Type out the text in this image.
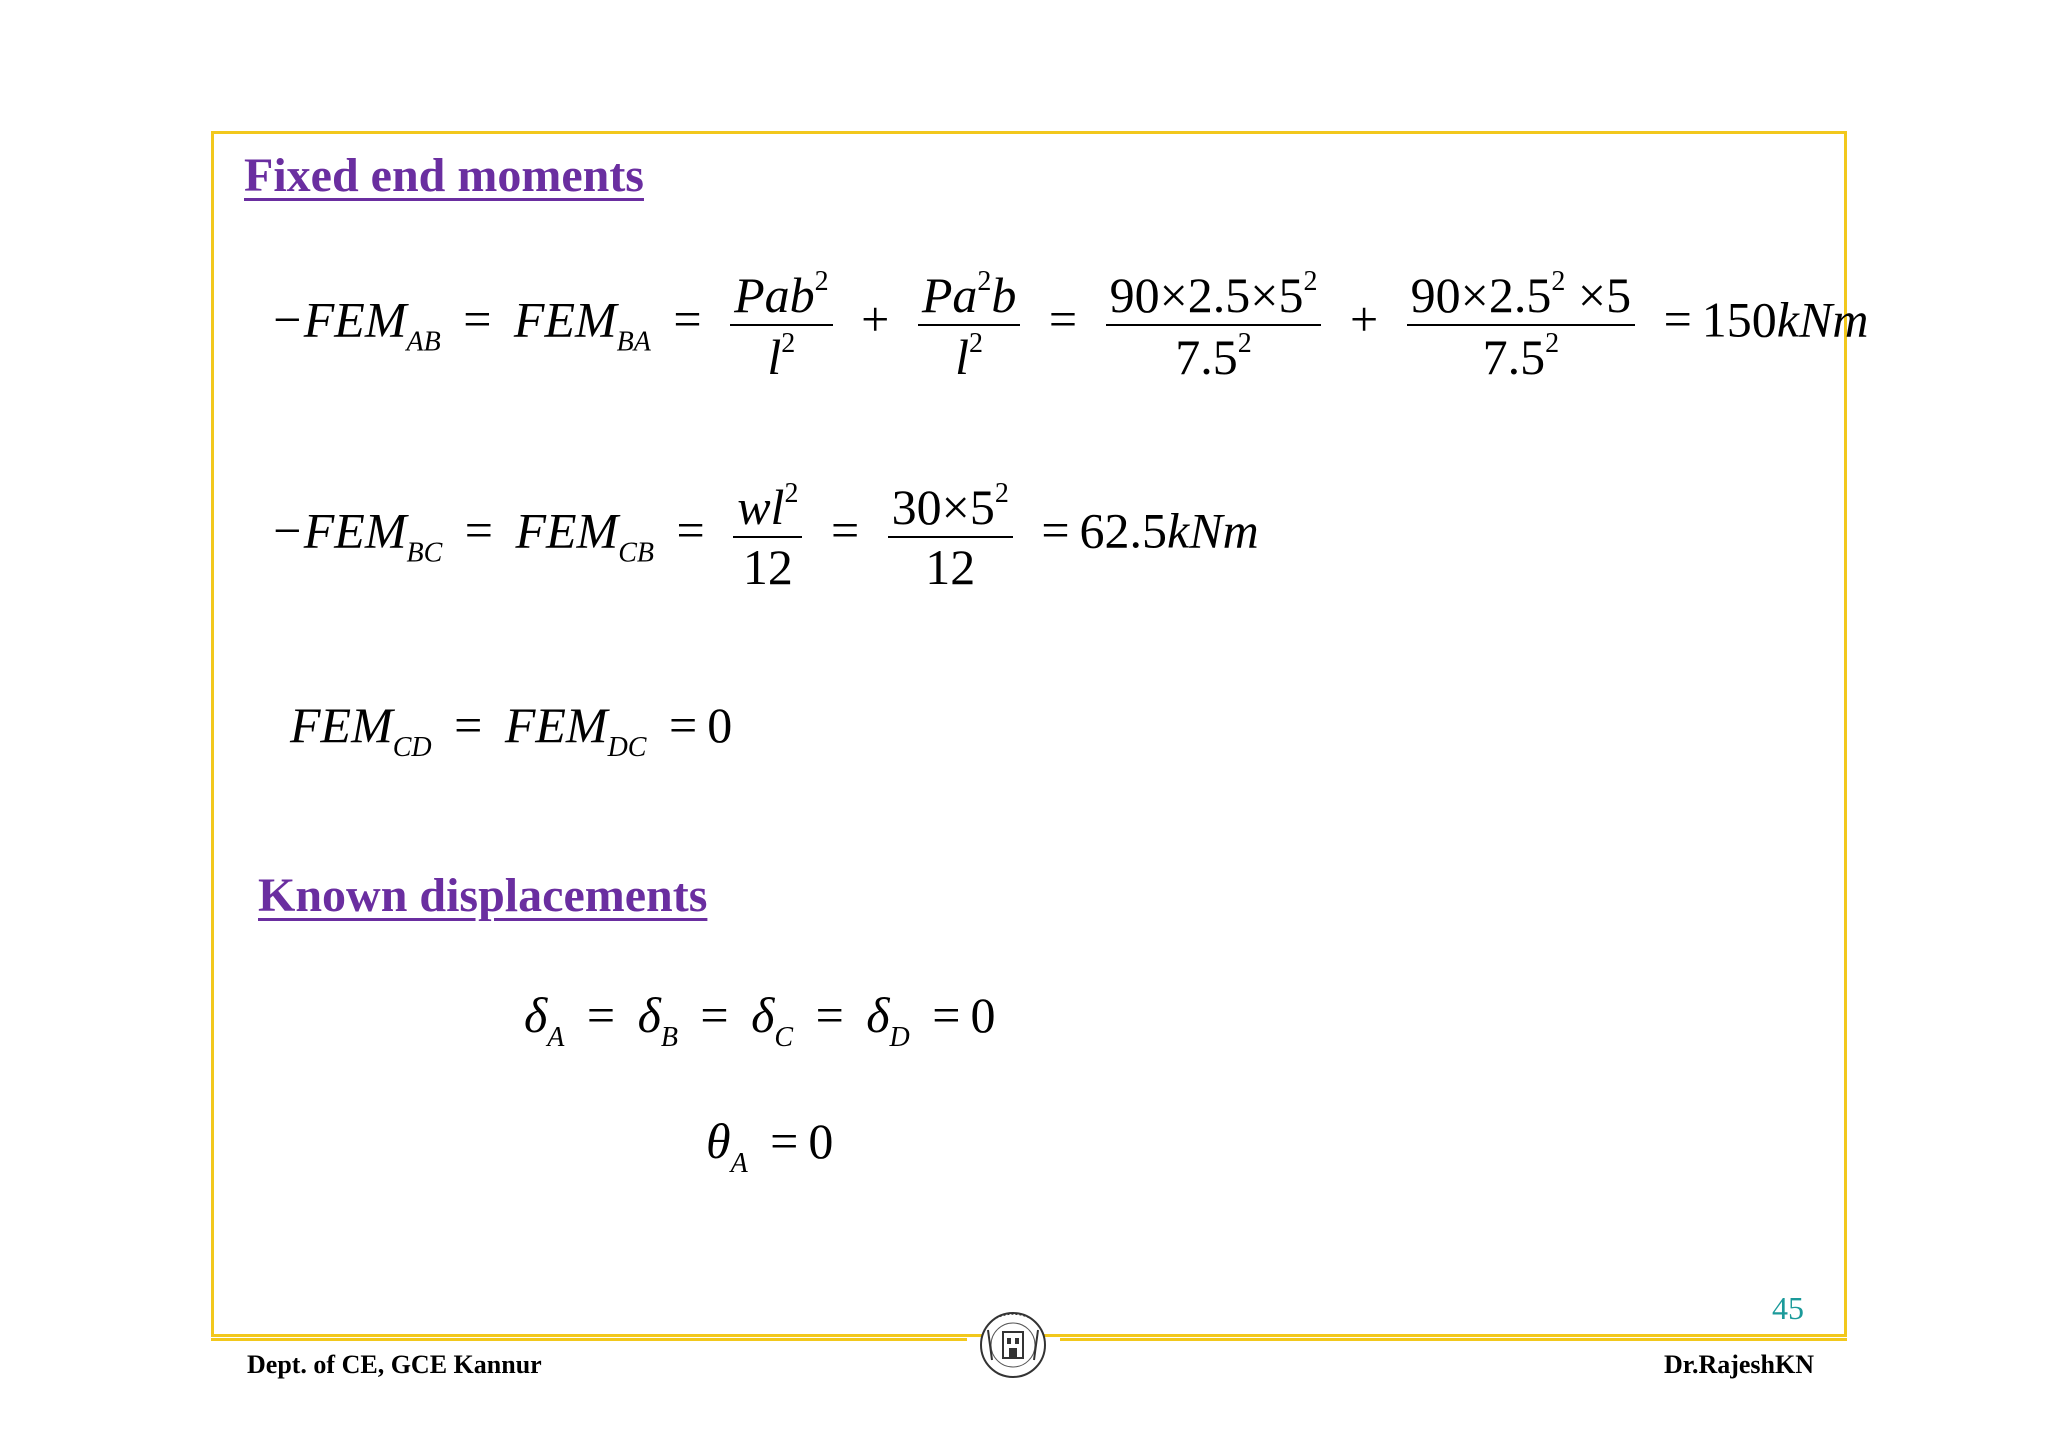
Fixed end moments
$-FEM_{AB} = FEM_{BA} = \frac{Pab^2}{l^2} + \frac{Pa^2b}{l^2} = \frac{90\times 2.5\times 5^2}{7.5^2} + \frac{90\times 2.5^2 \times 5}{7.5^2} = 150kNm$
$-FEM_{BC} = FEM_{CB} = \frac{wl^2}{12} = \frac{30\times 5^2}{12} = 62.5kNm$
$FEM_{CD} = FEM_{DC} = 0$
Known displacements
$\delta_A = \delta_B = \delta_C = \delta_D = 0$
$\theta_A = 0$
45
Dept. of CE, GCE Kannur	Dr.RajeshKN
